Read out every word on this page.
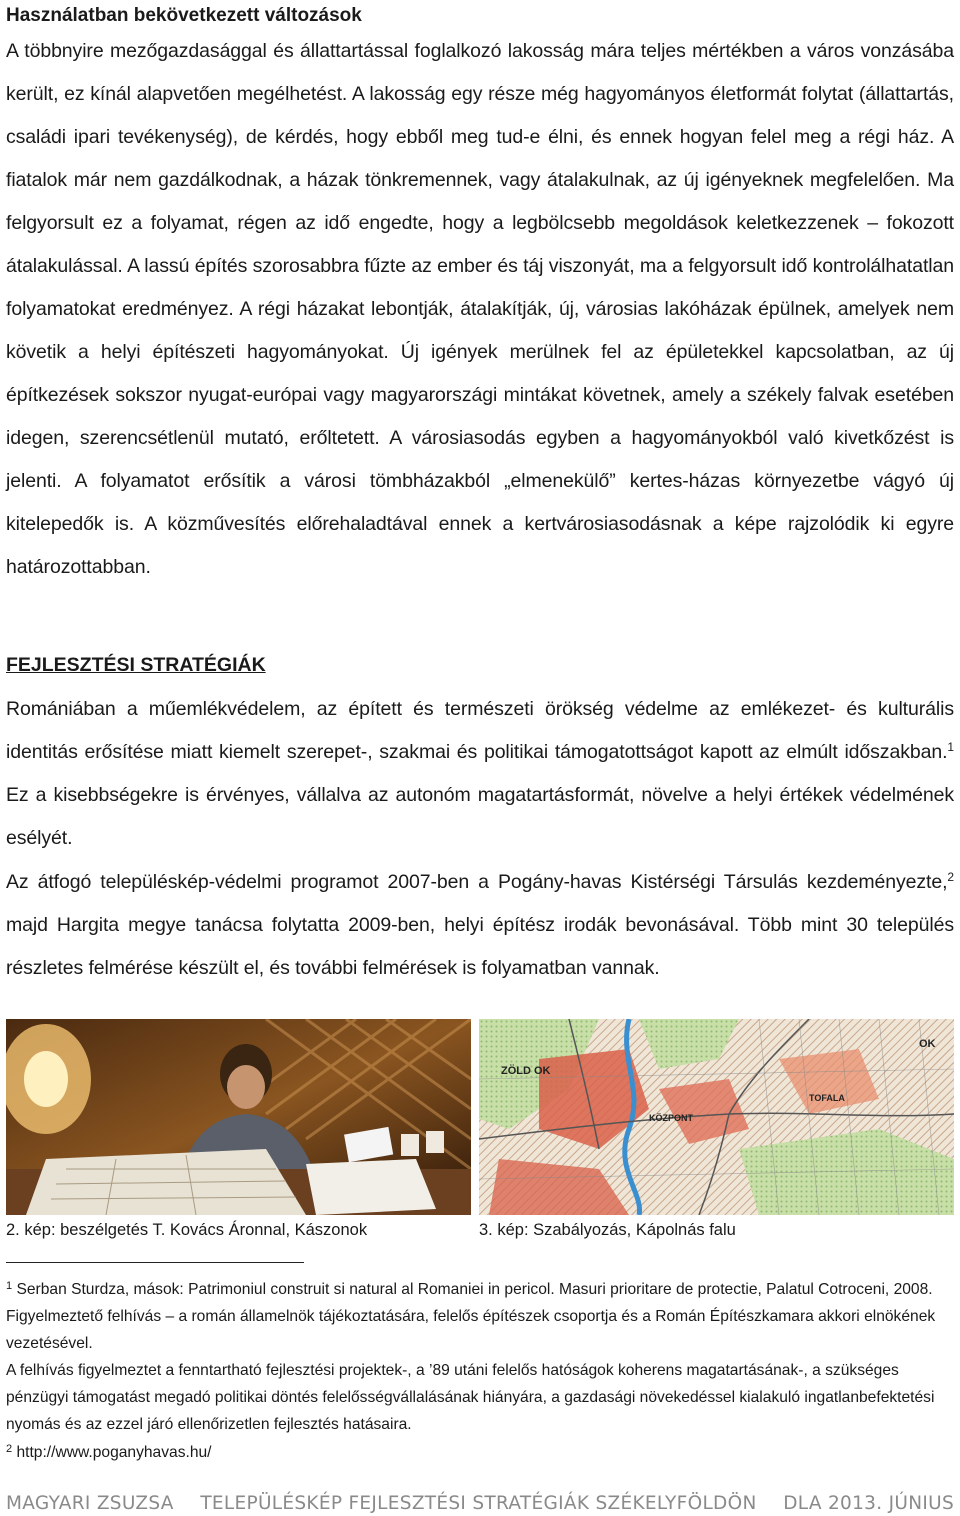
Használatban bekövetkezett változások
A többnyire mezőgazdasággal és állattartással foglalkozó lakosság mára teljes mértékben a város vonzásába került, ez kínál alapvetően megélhetést. A lakosság egy része még hagyományos életformát folytat (állattartás, családi ipari tevékenység), de kérdés, hogy ebből meg tud-e élni, és ennek hogyan felel meg a régi ház. A fiatalok már nem gazdálkodnak, a házak tönkremennek, vagy átalakulnak, az új igényeknek megfelelően. Ma felgyorsult ez a folyamat, régen az idő engedte, hogy a legbölcsebb megoldások keletkezzenek – fokozott átalakulással. A lassú építés szorosabbra fűzte az ember és táj viszonyát, ma a felgyorsult idő kontrolálhatatlan folyamatokat eredményez. A régi házakat lebontják, átalakítják, új, városias lakóházak épülnek, amelyek nem követik a helyi építészeti hagyományokat. Új igények merülnek fel az épületekkel kapcsolatban, az új építkezések sokszor nyugat-európai vagy magyarországi mintákat követnek, amely a székely falvak esetében idegen, szerencsétlenül mutató, erőltetett. A városiasodás egyben a hagyományokból való kivetkőzést is jelenti. A folyamatot erősítik a városi tömbházakból „elmenekülő” kertes-házas környezetbe vágyó új kitelepedők is. A közművesítés előrehaladtával ennek a kertvárosiasodásnak a képe rajzolódik ki egyre határozottabban.
FEJLESZTÉSI STRATÉGIÁK
Romániában a műemlékvédelem, az épített és természeti örökség védelme az emlékezet- és kulturális identitás erősítése miatt kiemelt szerepet-, szakmai és politikai támogatottságot kapott az elmúlt időszakban.$^1$ Ez a kisebbségekre is érvényes, vállalva az autonóm magatartásformát, növelve a helyi értékek védelmének esélyét.
Az átfogó településkép-védelmi programot 2007-ben a Pogány-havas Kistérségi Társulás kezdeményezte,$^2$ majd Hargita megye tanácsa folytatta 2009-ben, helyi építész irodák bevonásával. Több mint 30 település részletes felmérése készült el, és további felmérések is folyamatban vannak.
ZÖLD OK
KÖZPONT
TOFALA
OK
2. kép: beszélgetés T. Kovács Áronnal, Kászonok	3. kép: Szabályozás, Kápolnás falu
$^1$ Serban Sturdza, mások: Patrimoniul construit si natural al Romaniei in pericol. Masuri prioritare de protectie, Palatul Cotroceni, 2008. Figyelmeztető felhívás – a román államelnök tájékoztatására, felelős építészek csoportja és a Román Építészkamara akkori elnökének vezetésével.
A felhívás figyelmeztet a fenntartható fejlesztési projektek-, a ’89 utáni felelős hatóságok koherens magatartásának-, a szükséges pénzügyi támogatást megadó politikai döntés felelősségvállalásának hiányára, a gazdasági növekedéssel kialakuló ingatlanbefektetési nyomás és az ezzel járó ellenőrizetlen fejlesztés hatásaira.
$^2$ http://www.poganyhavas.hu/
MAGYARI ZSUZSA TELEPÜLÉSKÉP FEJLESZTÉSI STRATÉGIÁK SZÉKELYFÖLDÖN DLA 2013. JÚNIUS
